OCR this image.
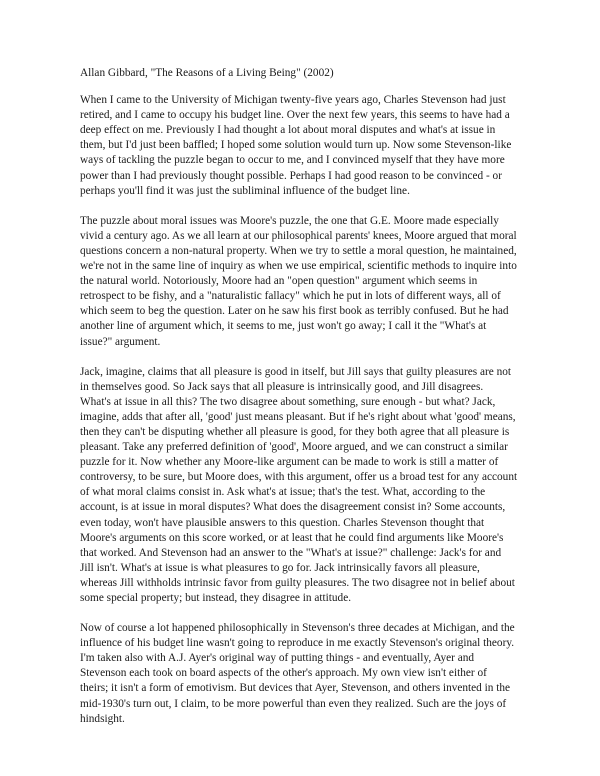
Allan Gibbard, "The Reasons of a Living Being" (2002)
When I came to the University of Michigan twenty-five years ago, Charles Stevenson had just
retired, and I came to occupy his budget line. Over the next few years, this seems to have had a
deep effect on me. Previously I had thought a lot about moral disputes and what's at issue in
them, but I'd just been baffled; I hoped some solution would turn up. Now some Stevenson-like
ways of tackling the puzzle began to occur to me, and I convinced myself that they have more
power than I had previously thought possible. Perhaps I had good reason to be convinced - or
perhaps you'll find it was just the subliminal influence of the budget line.
The puzzle about moral issues was Moore's puzzle, the one that G.E. Moore made especially
vivid a century ago. As we all learn at our philosophical parents' knees, Moore argued that moral
questions concern a non-natural property. When we try to settle a moral question, he maintained,
we're not in the same line of inquiry as when we use empirical, scientific methods to inquire into
the natural world. Notoriously, Moore had an "open question" argument which seems in
retrospect to be fishy, and a "naturalistic fallacy" which he put in lots of different ways, all of
which seem to beg the question. Later on he saw his first book as terribly confused. But he had
another line of argument which, it seems to me, just won't go away; I call it the "What's at
issue?" argument.
Jack, imagine, claims that all pleasure is good in itself, but Jill says that guilty pleasures are not
in themselves good. So Jack says that all pleasure is intrinsically good, and Jill disagrees.
What's at issue in all this? The two disagree about something, sure enough - but what? Jack,
imagine, adds that after all, 'good' just means pleasant. But if he's right about what 'good' means,
then they can't be disputing whether all pleasure is good, for they both agree that all pleasure is
pleasant. Take any preferred definition of 'good', Moore argued, and we can construct a similar
puzzle for it. Now whether any Moore-like argument can be made to work is still a matter of
controversy, to be sure, but Moore does, with this argument, offer us a broad test for any account
of what moral claims consist in. Ask what's at issue; that's the test. What, according to the
account, is at issue in moral disputes? What does the disagreement consist in? Some accounts,
even today, won't have plausible answers to this question. Charles Stevenson thought that
Moore's arguments on this score worked, or at least that he could find arguments like Moore's
that worked. And Stevenson had an answer to the "What's at issue?" challenge: Jack's for and
Jill isn't. What's at issue is what pleasures to go for. Jack intrinsically favors all pleasure,
whereas Jill withholds intrinsic favor from guilty pleasures. The two disagree not in belief about
some special property; but instead, they disagree in attitude.
Now of course a lot happened philosophically in Stevenson's three decades at Michigan, and the
influence of his budget line wasn't going to reproduce in me exactly Stevenson's original theory.
I'm taken also with A.J. Ayer's original way of putting things - and eventually, Ayer and
Stevenson each took on board aspects of the other's approach. My own view isn't either of
theirs; it isn't a form of emotivism. But devices that Ayer, Stevenson, and others invented in the
mid-1930's turn out, I claim, to be more powerful than even they realized. Such are the joys of
hindsight.
